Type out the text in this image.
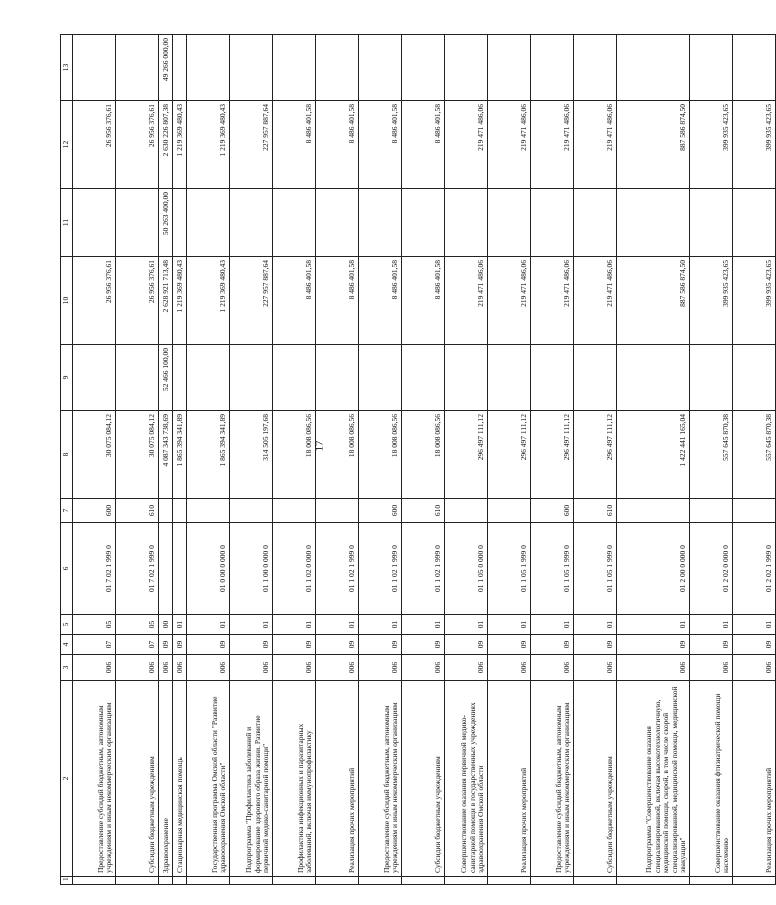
17
1	2	3	4	5	6	7	8	9	10	11	12	13
	Предоставление субсидий бюджетным, автономным учреждениям и иным некоммерческим организациям	006	07	05	01 7 02 1 999 0	600	30 075 084,12		26 956 376,61		26 956 376,61	
	Субсидии бюджетным учреждениям	006	07	05	01 7 02 1 999 0	610	30 075 084,12		26 956 376,61		26 956 376,61	
	Здравоохранение	006	09	00			4 087 343 738,69	52 466 100,00	2 628 921 713,48	50 263 400,00	2 630 226 807,38	49 266 000,00
	Стационарная медицинская помощь	006	09	01			1 865 394 341,89		1 219 369 480,43		1 219 369 480,43	
	Государственная программа Омской области "Развитие здравоохранения Омской области"	006	09	01	01 0 00 0 000 0		1 865 394 341,89		1 219 369 480,43		1 219 369 480,43	
	Подпрограмма "Профилактика заболеваний и формирование здорового образа жизни. Развитие первичной медико-санитарной помощи"	006	09	01	01 1 00 0 000 0		314 505 197,68		227 957 887,64		227 957 887,64	
	Профилактика инфекционных и паразитарных заболеваний, включая иммунопрофилактику	006	09	01	01 1 02 0 000 0		18 008 086,56		8 486 401,58		8 486 401,58	
	Реализация прочих мероприятий	006	09	01	01 1 02 1 999 0		18 008 086,56		8 486 401,58		8 486 401,58	
	Предоставление субсидий бюджетным, автономным учреждениям и иным некоммерческим организациям	006	09	01	01 1 02 1 999 0	600	18 008 086,56		8 486 401,58		8 486 401,58	
	Субсидии бюджетным учреждениям	006	09	01	01 1 02 1 999 0	610	18 008 086,56		8 486 401,58		8 486 401,58	
	Совершенствование оказания первичной медико-санитарной помощи в государственных учреждениях здравоохранения Омской области	006	09	01	01 1 05 0 000 0		296 497 111,12		219 471 486,06		219 471 486,06	
	Реализация прочих мероприятий	006	09	01	01 1 05 1 999 0		296 497 111,12		219 471 486,06		219 471 486,06	
	Предоставление субсидий бюджетным, автономным учреждениям и иным некоммерческим организациям	006	09	01	01 1 05 1 999 0	600	296 497 111,12		219 471 486,06		219 471 486,06	
	Субсидии бюджетным учреждениям	006	09	01	01 1 05 1 999 0	610	296 497 111,12		219 471 486,06		219 471 486,06	
	Подпрограмма "Совершенствование оказания специализированной, включая высокотехнологичную, медицинской помощи, скорой, в том числе скорой специализированной, медицинской помощи, медицинской эвакуации"	006	09	01	01 2 00 0 000 0		1 422 441 165,04		887 586 874,50		887 586 874,50	
	Совершенствование оказания фтизиатрической помощи населению	006	09	01	01 2 02 0 000 0		557 645 870,38		399 935 423,65		399 935 423,65	
	Реализация прочих мероприятий	006	09	01	01 2 02 1 999 0		557 645 870,38		399 935 423,65		399 935 423,65	
